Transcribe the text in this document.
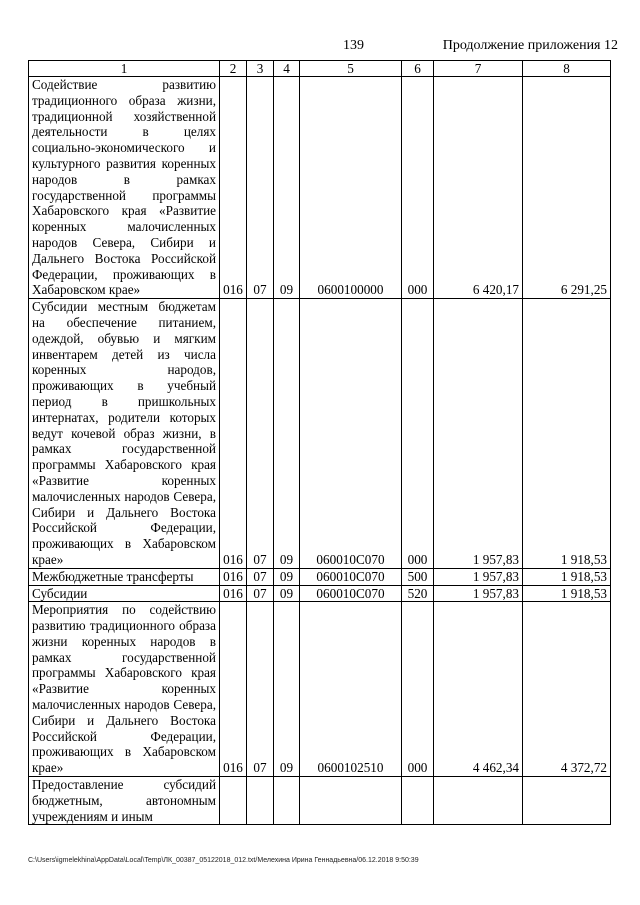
139	Продолжение приложения 12
1	2	3	4	5	6	7	8
Содействие развитию традиционного образа жизни, традиционной хозяйственной деятельности в целях социально-экономического и культурного развития коренных народов в рамках государственной программы Хабаровского края «Развитие коренных малочисленных народов Севера, Сибири и Дальнего Востока Российской Федерации, проживающих в Хабаровском крае»	016	07	09	0600100000	000	6 420,17	6 291,25
Субсидии местным бюджетам на обеспечение питанием, одеждой, обувью и мягким инвентарем детей из числа коренных народов, проживающих в учебный период в пришкольных интернатах, родители которых ведут кочевой образ жизни, в рамках государственной программы Хабаровского края «Развитие коренных малочисленных народов Севера, Сибири и Дальнего Востока Российской Федерации, проживающих в Хабаровском крае»	016	07	09	060010С070	000	1 957,83	1 918,53
Межбюджетные трансферты	016	07	09	060010С070	500	1 957,83	1 918,53
Субсидии	016	07	09	060010С070	520	1 957,83	1 918,53
Мероприятия по содействию развитию традиционного образа жизни коренных народов в рамках государственной программы Хабаровского края «Развитие коренных малочисленных народов Севера, Сибири и Дальнего Востока Российской Федерации, проживающих в Хабаровском крае»	016	07	09	0600102510	000	4 462,34	4 372,72
Предоставление субсидий бюджетным, автономным учреждениям и иным							
C:\Users\igmelekhina\AppData\Local\Temp\ЛК_00387_05122018_012.txt/Мелехина Ирина Геннадьевна/06.12.2018 9:50:39
